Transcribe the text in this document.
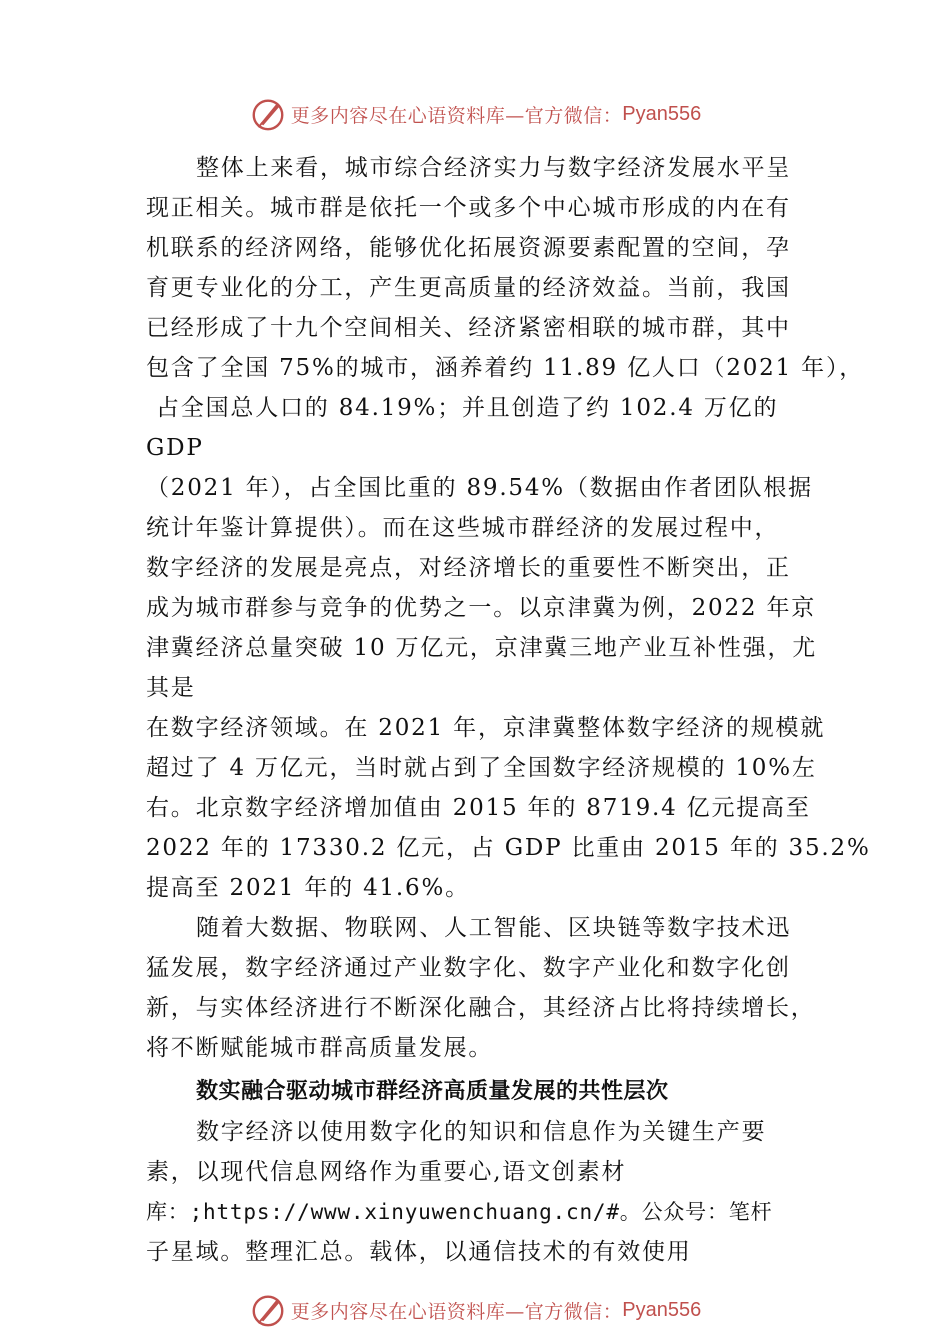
更多内容尽在心语资料库—官方微信： Pyan556

整体上来看，城市综合经济实力与数字经济发展水平呈
现正相关。城市群是依托一个或多个中心城市形成的内在有
机联系的经济网络，能够优化拓展资源要素配置的空间，孕
育更专业化的分工，产生更高质量的经济效益。当前，我国
已经形成了十九个空间相关、经济紧密相联的城市群，其中
包含了全国 75%的城市，涵养着约 11.89 亿人口（2021 年），
占全国总人口的 84.19%；并且创造了约 102.4 万亿的
GDP
（2021 年），占全国比重的 89.54%（数据由作者团队根据
统计年鉴计算提供）。而在这些城市群经济的发展过程中，
数字经济的发展是亮点，对经济增长的重要性不断突出，正
成为城市群参与竞争的优势之一。以京津冀为例，2022 年京
津冀经济总量突破 10 万亿元，京津冀三地产业互补性强，尤
其是
在数字经济领域。在 2021 年，京津冀整体数字经济的规模就
超过了 4 万亿元，当时就占到了全国数字经济规模的 10%左
右。北京数字经济增加值由 2015 年的 8719.4 亿元提高至
2022 年的 17330.2 亿元，占 GDP 比重由 2015 年的 35.2%
提高至 2021 年的 41.6%。

随着大数据、物联网、人工智能、区块链等数字技术迅
猛发展，数字经济通过产业数字化、数字产业化和数字化创
新，与实体经济进行不断深化融合，其经济占比将持续增长，
将不断赋能城市群高质量发展。

数实融合驱动城市群经济高质量发展的共性层次

数字经济以使用数字化的知识和信息作为关键生产要
素，以现代信息网络作为重要心,语文创素材
库：;https://www.xinyuwenchuang.cn/#。公众号：笔杆
子星域。整理汇总。载体，以通信技术的有效使用

更多内容尽在心语资料库—官方微信： Pyan556
